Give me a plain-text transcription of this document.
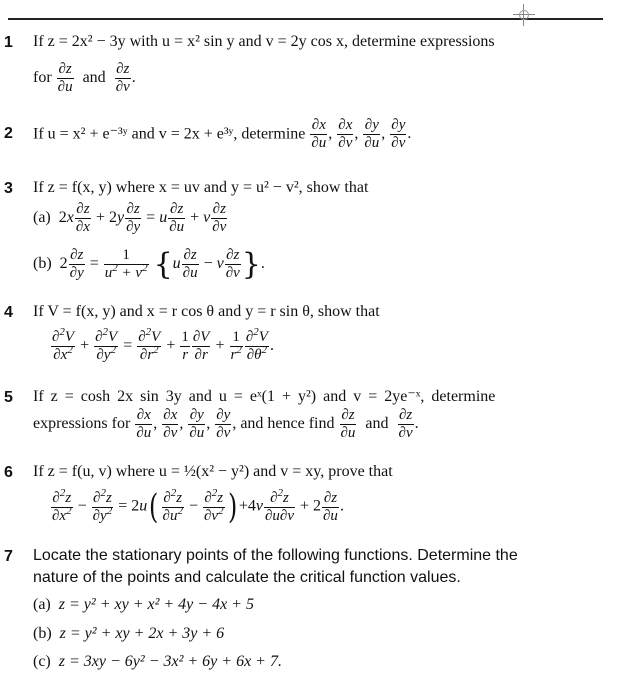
1 If z = 2x² − 3y with u = x² sin y and v = 2y cos x, determine expressions
for $\frac{\partial z}{\partial u}$ and $\frac{\partial z}{\partial v}$ .
2 If u = x² + e⁻³ʸ and v = 2x + e³ʸ, determine $\frac{\partial x}{\partial u}$ , $\frac{\partial x}{\partial v}$ , $\frac{\partial y}{\partial u}$ , $\frac{\partial y}{\partial v}$ .
3 If z = f(x, y) where x = uv and y = u² − v², show that
(a)  $2x \frac{\partial z}{\partial x} + 2y \frac{\partial z}{\partial y} = u \frac{\partial z}{\partial u} + v \frac{\partial z}{\partial v}$
(b)  $2 \frac{\partial z}{\partial y} = \frac{1}{u^2 + v^2} \{u \frac{\partial z}{\partial u} - v \frac{\partial z}{\partial v}$ }.
4 If V = f(x, y) and x = r cos θ and y = r sin θ, show that
$\frac{\partial^2V}{\partial x^2} + \frac{\partial^2V}{\partial y^2} = \frac{\partial^2V}{\partial r^2} + \frac{1}{r} \frac{\partial V}{\partial r} + \frac{1}{r^2} \frac{\partial^2V}{\partial\theta^2}$ .
5 If z = cosh 2x sin 3y and u = eˣ(1 + y²) and v = 2ye⁻ˣ, determine
expressions for $\frac{\partial x}{\partial u}$ , $\frac{\partial x}{\partial v}$ , $\frac{\partial y}{\partial u}$ , $\frac{\partial y}{\partial v}$ , and hence find $\frac{\partial z}{\partial u}$ and $\frac{\partial z}{\partial v}$ .
6 If z = f(u, v) where u = ½(x² − y²) and v = xy, prove that
$\frac{\partial^2z}{\partial x^2} - \frac{\partial^2z}{\partial y^2} = 2u( \frac{\partial^2z}{\partial u^2} - \frac{\partial^2z}{\partial v^2}$ ) $+4v \frac{\partial^2z}{\partial u\partial v} + 2 \frac{\partial z}{\partial u}$ .
7 Locate the stationary points of the following functions. Determine the
nature of the points and calculate the critical function values.
(a) z = y² + xy + x² + 4y − 4x + 5
(b) z = y² + xy + 2x + 3y + 6
(c) z = 3xy − 6y² − 3x² + 6y + 6x + 7.
